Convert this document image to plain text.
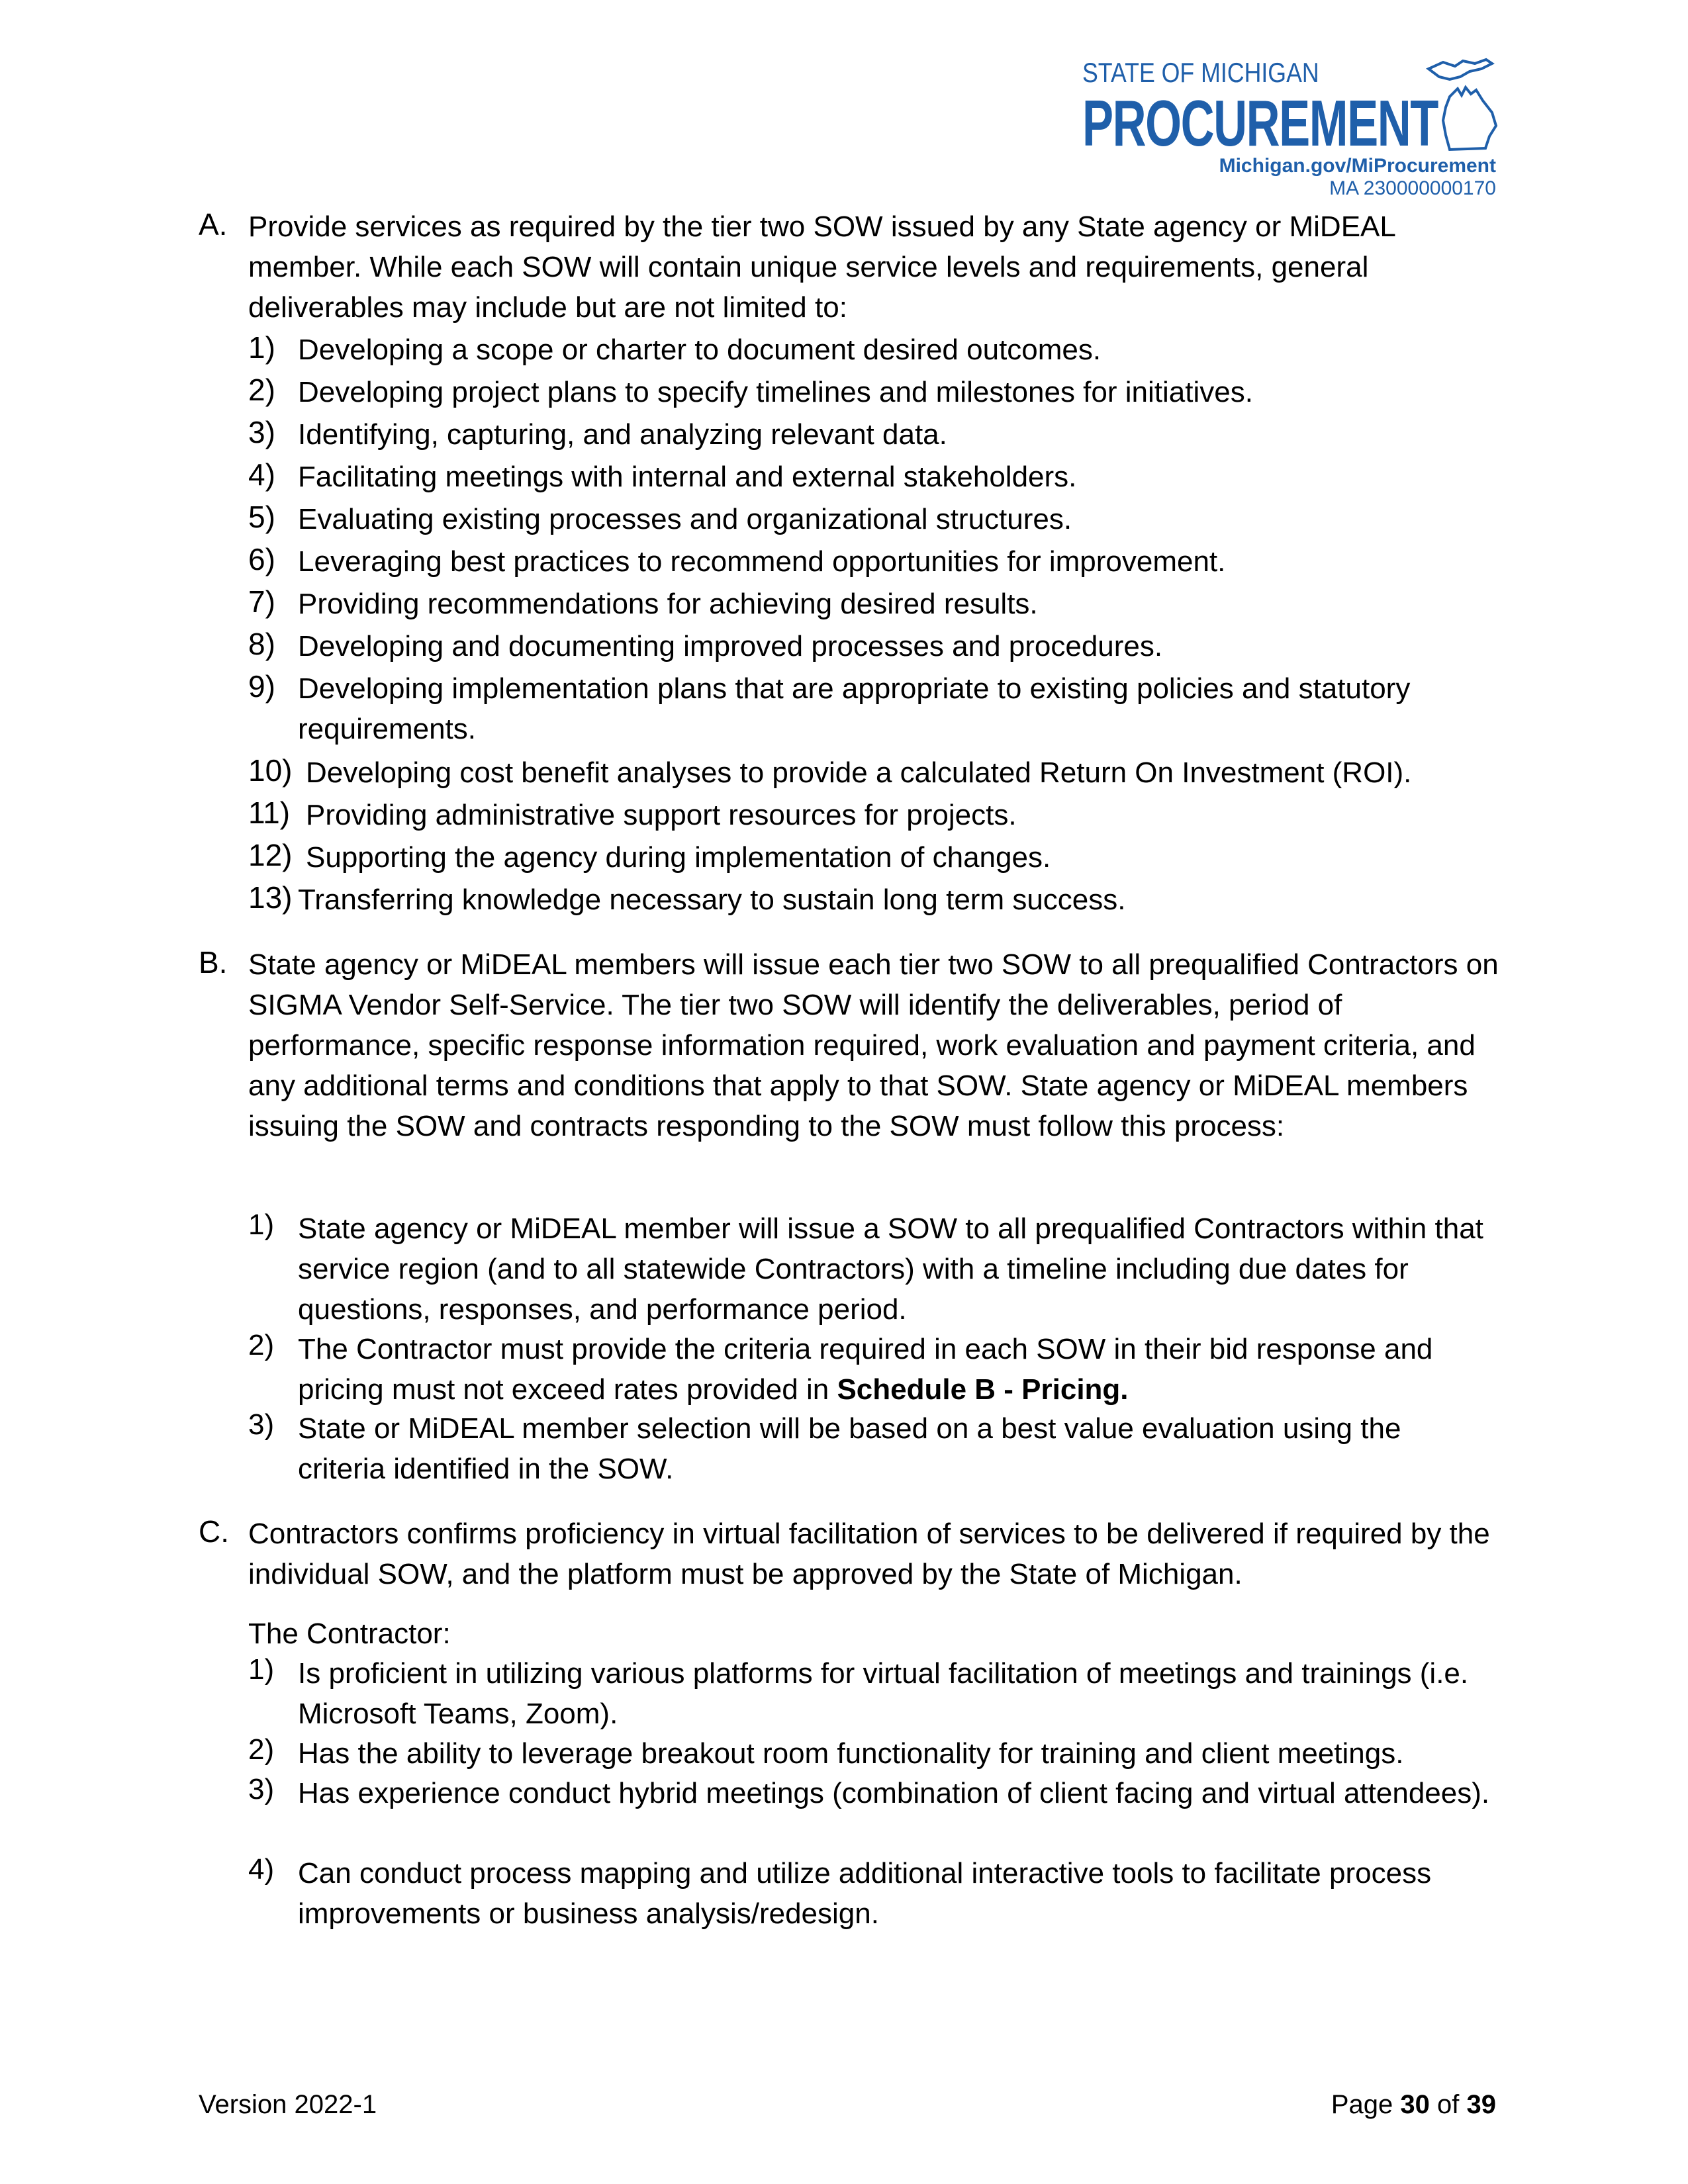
STATE OF MICHIGAN
PROCUREMENT
Michigan.gov/MiProcurement
MA 230000000170
A. Provide services as required by the tier two SOW issued by any State agency or MiDEAL member. While each SOW will contain unique service levels and requirements, general deliverables may include but are not limited to:
1) Developing a scope or charter to document desired outcomes.
2) Developing project plans to specify timelines and milestones for initiatives.
3) Identifying, capturing, and analyzing relevant data.
4) Facilitating meetings with internal and external stakeholders.
5) Evaluating existing processes and organizational structures.
6) Leveraging best practices to recommend opportunities for improvement.
7) Providing recommendations for achieving desired results.
8) Developing and documenting improved processes and procedures.
9) Developing implementation plans that are appropriate to existing policies and statutory requirements.
10) Developing cost benefit analyses to provide a calculated Return On Investment (ROI).
11) Providing administrative support resources for projects.
12) Supporting the agency during implementation of changes.
13) Transferring knowledge necessary to sustain long term success.
B. State agency or MiDEAL members will issue each tier two SOW to all prequalified Contractors on SIGMA Vendor Self-Service. The tier two SOW will identify the deliverables, period of performance, specific response information required, work evaluation and payment criteria, and any additional terms and conditions that apply to that SOW. State agency or MiDEAL members issuing the SOW and contracts responding to the SOW must follow this process:
1) State agency or MiDEAL member will issue a SOW to all prequalified Contractors within that service region (and to all statewide Contractors) with a timeline including due dates for questions, responses, and performance period.
2) The Contractor must provide the criteria required in each SOW in their bid response and pricing must not exceed rates provided in Schedule B - Pricing.
3) State or MiDEAL member selection will be based on a best value evaluation using the criteria identified in the SOW.
C. Contractors confirms proficiency in virtual facilitation of services to be delivered if required by the individual SOW, and the platform must be approved by the State of Michigan.
The Contractor:
1) Is proficient in utilizing various platforms for virtual facilitation of meetings and trainings (i.e. Microsoft Teams, Zoom).
2) Has the ability to leverage breakout room functionality for training and client meetings.
3) Has experience conduct hybrid meetings (combination of client facing and virtual attendees).
4) Can conduct process mapping and utilize additional interactive tools to facilitate process improvements or business analysis/redesign.
Version 2022-1	Page 30 of 39
